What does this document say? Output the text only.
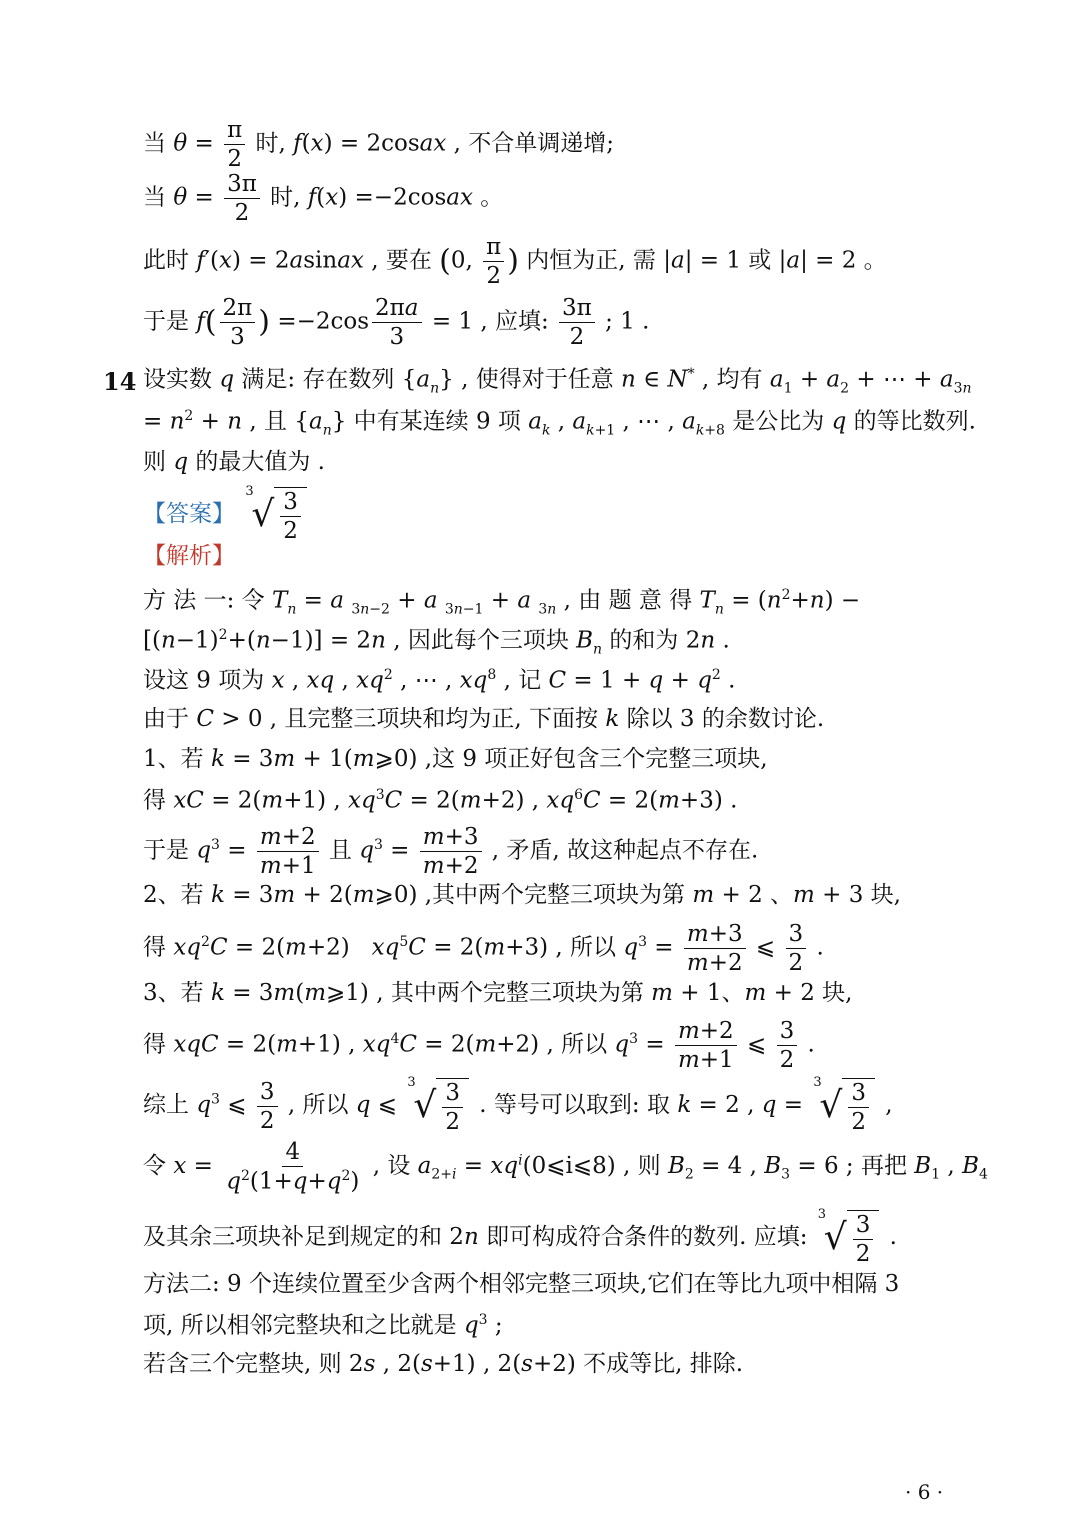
当 $\theta = \frac{\pi}{2}$ 时, f(x) = 2cosax , 不合单调递增;
当 $\theta = \frac{3\pi}{2}$ 时, f(x) =−2cosax 。
此时 f′(x) = 2asinax , 要在 (0, $\frac{\pi}{2}$ ) 内恒为正, 需 |a| = 1 或 |a| = 2 。
于是 $f( \frac{2\pi}{3}$ ) $=-2\cos \frac{2\pi a}{3} = 1$ , 应填: $\frac{3\pi}{2}$ ; 1 .
14 设实数 q 满足: 存在数列 $\{a_n\}$ , 使得对于任意 n ∈ N* , 均有 $a_1 + a_2$ + ⋯ + $a_{3n}$
= $n^2 + n$ , 且 $\{a_n\}$ 中有某连续 9 项 $a_k$ , $a_{k+1}$ , ⋯ , $a_{k+8}$ 是公比为 q 的等比数列.
则 q 的最大值为 .
【答案】
3
√ $\frac{3}{2}$
【解析】
方 法 一: 令 $T_n = a$ $_{3n-2}$ + a $_{3n-1}$ + a $_{3n}$ , 由 题 意 得 $T_n = (n^2+n)$ −
$[(n-1)^2+(n-1)] = 2n$ , 因此每个三项块 $B_n$ 的和为 2n .
设这 9 项为 x , xq , $xq^2$ , ⋯ , $xq^8$ , 记 $C = 1 + q + q^2$ .
由于 C > 0 , 且完整三项块和均为正, 下面按 k 除以 3 的余数讨论.
1、若 k = 3m + 1(m⩾0) ,这 9 项正好包含三个完整三项块,
得 xC = 2(m+1) , $xq^3C = 2(m+2)$ , $xq^6C = 2(m+3)$ .
于是 $q^3 = \frac{m+2}{m+1}$ 且 $q^3 = \frac{m+3}{m+2}$ , 矛盾, 故这种起点不存在.
2、若 k = 3m + 2(m⩾0) ,其中两个完整三项块为第 m + 2 、m + 3 块,
得 $xq^2C = 2(m+2) xq^5C = 2(m+3)$ , 所以 $q^3 = \frac{m+3}{m+2}$ ⩽ $\frac{3}{2}$ .
3、若 k = 3m(m⩾1) , 其中两个完整三项块为第 m + 1、m + 2 块,
得 xqC = 2(m+1) , $xq^4C = 2(m+2)$ , 所以 $q^3 = \frac{m+2}{m+1}$ ⩽ $\frac{3}{2}$ .
综上 $q^3$ ⩽ $\frac{3}{2}$ , 所以 q ⩽
3
√ $\frac{3}{2}$ . 等号可以取到: 取 k = 2 , q =
3
√ $\frac{3}{2}$ ,
令 $x = \frac{4}{q^2(1+q+q^2)}$ , 设 $a_{2+i}$ = $xq^i(0⩽i⩽8)$ , 则 $B_2 = 4$ , $B_3 = 6$ ; 再把 $B_1$ , $B_4$
及其余三项块补足到规定的和 2n 即可构成符合条件的数列. 应填:
3
√ $\frac{3}{2}$ .
方法二: 9 个连续位置至少含两个相邻完整三项块,它们在等比九项中相隔 3
项, 所以相邻完整块和之比就是 $q^3$ ;
若含三个完整块, 则 2s , 2(s+1) , 2(s+2) 不成等比, 排除.
· 6 ·
